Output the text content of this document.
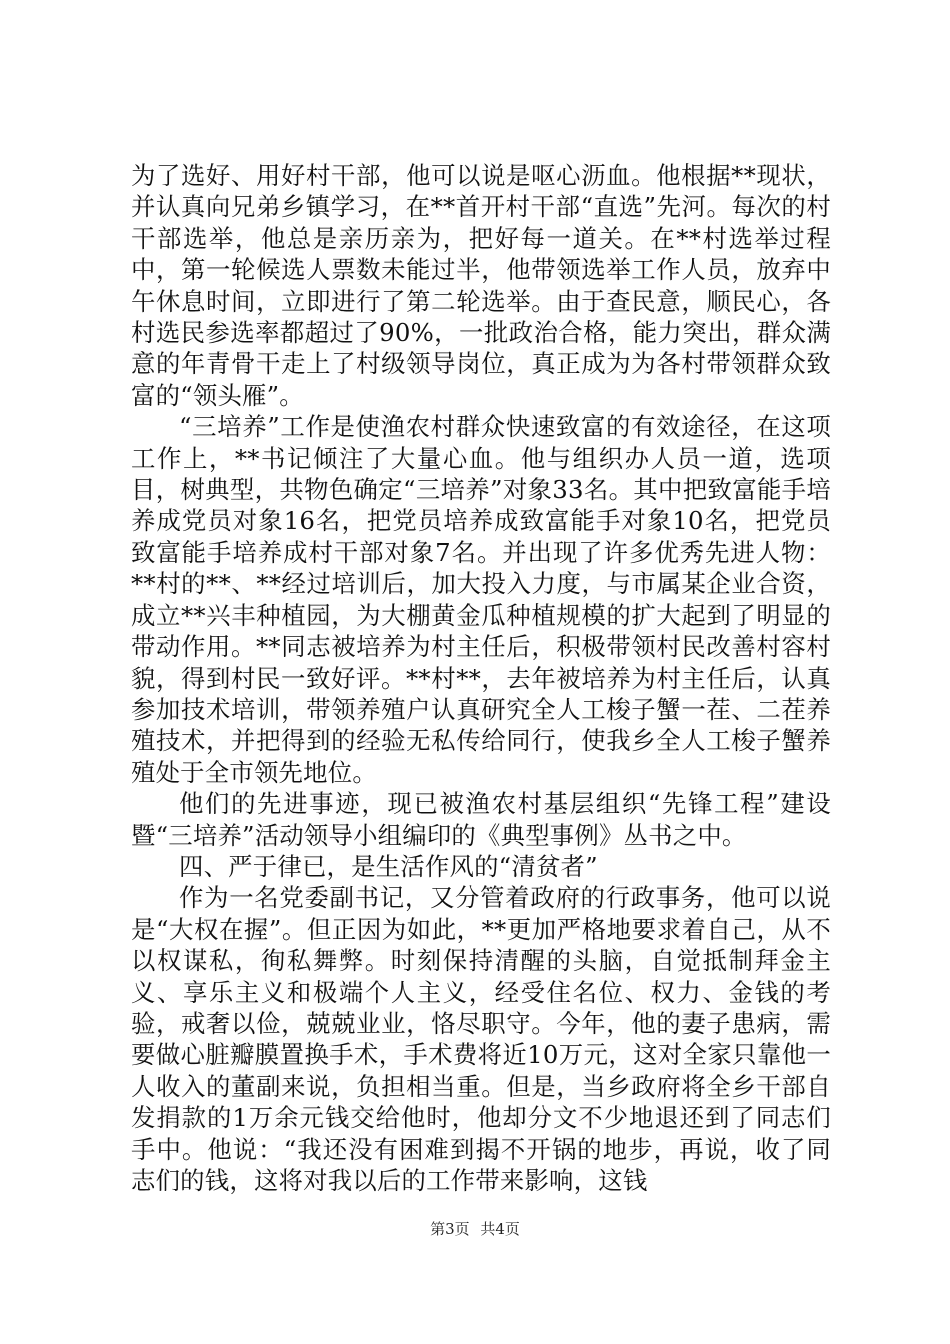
为了选好、用好村干部，他可以说是呕心沥血。他根据**现状，并认真向兄弟乡镇学习，在**首开村干部“直选”先河。每次的村干部选举，他总是亲历亲为，把好每一道关。在**村选举过程中，第一轮候选人票数未能过半，他带领选举工作人员，放弃中午休息时间，立即进行了第二轮选举。由于查民意，顺民心，各村选民参选率都超过了90%，一批政治合格，能力突出，群众满意的年青骨干走上了村级领导岗位，真正成为为各村带领群众致富的“领头雁”。

“三培养”工作是使渔农村群众快速致富的有效途径，在这项工作上，**书记倾注了大量心血。他与组织办人员一道，选项目，树典型，共物色确定“三培养”对象33名。其中把致富能手培养成党员对象16名，把党员培养成致富能手对象10名，把党员致富能手培养成村干部对象7名。并出现了许多优秀先进人物：**村的**、**经过培训后，加大投入力度，与市属某企业合资，成立**兴丰种植园，为大棚黄金瓜种植规模的扩大起到了明显的带动作用。**同志被培养为村主任后，积极带领村民改善村容村貌，得到村民一致好评。**村**，去年被培养为村主任后，认真参加技术培训，带领养殖户认真研究全人工梭子蟹一茬、二茬养殖技术，并把得到的经验无私传给同行，使我乡全人工梭子蟹养殖处于全市领先地位。

他们的先进事迹，现已被渔农村基层组织“先锋工程”建设暨“三培养”活动领导小组编印的《典型事例》丛书之中。

四、严于律已，是生活作风的“清贫者”

作为一名党委副书记，又分管着政府的行政事务，他可以说是“大权在握”。但正因为如此，**更加严格地要求着自己，从不以权谋私，徇私舞弊。时刻保持清醒的头脑，自觉抵制拜金主义、享乐主义和极端个人主义，经受住名位、权力、金钱的考验，戒奢以俭，兢兢业业，恪尽职守。今年，他的妻子患病，需要做心脏瓣膜置换手术，手术费将近10万元，这对全家只靠他一人收入的董副来说，负担相当重。但是，当乡政府将全乡干部自发捐款的1万余元钱交给他时，他却分文不少地退还到了同志们手中。他说：“我还没有困难到揭不开锅的地步，再说，收了同志们的钱，这将对我以后的工作带来影响，这钱

第3页 共4页
